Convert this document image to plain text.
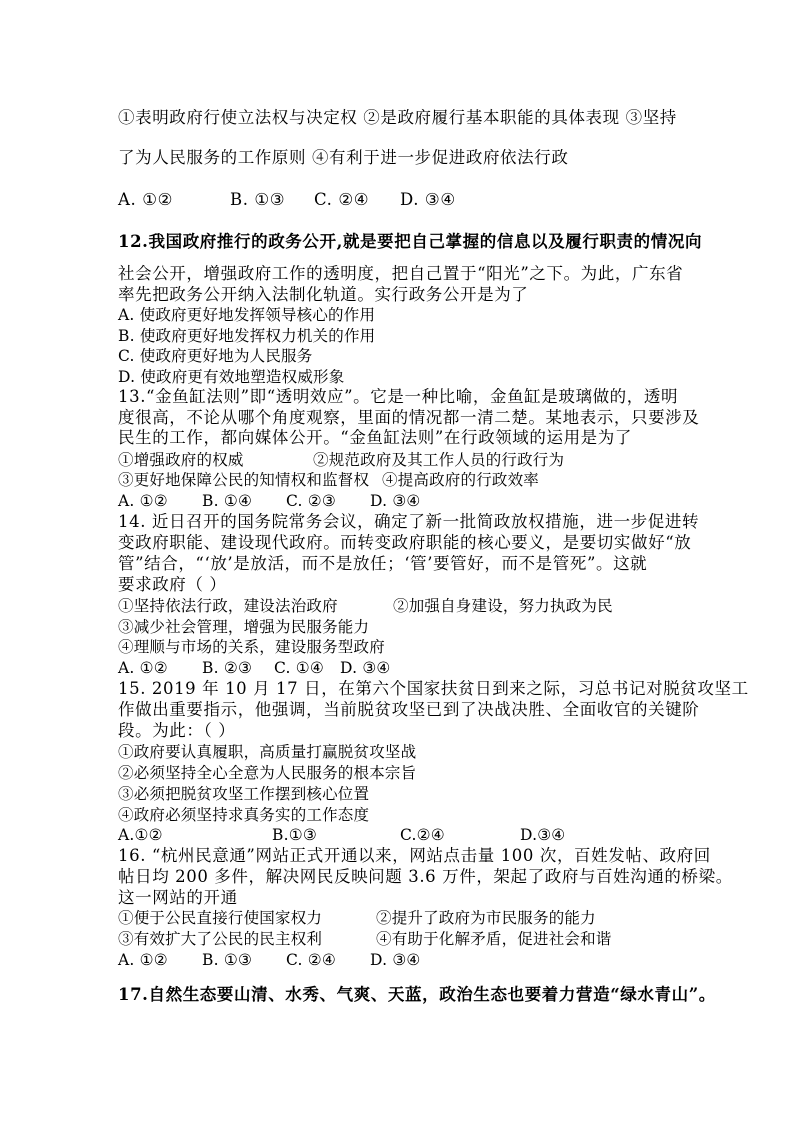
①表明政府行使立法权与决定权 ②是政府履行基本职能的具体表现 ③坚持
了为人民服务的工作原则 ④有利于进一步促进政府依法行政
A. ①②	B. ①③ C. ②④ D. ③④
12.我国政府推行的政务公开,就是要把自己掌握的信息以及履行职责的情况向
社会公开，增强政府工作的透明度，把自己置于“阳光”之下。为此，广东省
率先把政务公开纳入法制化轨道。实行政务公开是为了
A. 使政府更好地发挥领导核心的作用
B. 使政府更好地发挥权力机关的作用
C. 使政府更好地为人民服务
D. 使政府更有效地塑造权威形象
13.“金鱼缸法则”即“透明效应”。它是一种比喻，金鱼缸是玻璃做的，透明
度很高，不论从哪个角度观察，里面的情况都一清二楚。某地表示，只要涉及
民生的工作，都向媒体公开。“金鱼缸法则”在行政领域的运用是为了
①增强政府的权威	②规范政府及其工作人员的行政行为
③更好地保障公民的知情权和监督权 ④提高政府的行政效率
A. ①② B. ①④ C. ②③ D. ③④
14. 近日召开的国务院常务会议，确定了新一批简政放权措施，进一步促进转
变政府职能、建设现代政府。而转变政府职能的核心要义，是要切实做好“放
管”结合，“‘放’是放活，而不是放任；‘管’要管好，而不是管死”。这就
要求政府（ ）
①坚持依法行政，建设法治政府	②加强自身建设，努力执政为民
③减少社会管理，增强为民服务能力
④理顺与市场的关系，建设服务型政府
A. ①② B. ②③ C. ①④ D. ③④
15. 2019 年 10 月 17 日，在第六个国家扶贫日到来之际，习总书记对脱贫攻坚工
作做出重要指示，他强调，当前脱贫攻坚已到了决战决胜、全面收官的关键阶
段。为此：（ ）
①政府要认真履职，高质量打赢脱贫攻坚战
②必须坚持全心全意为人民服务的根本宗旨
③必须把脱贫攻坚工作摆到核心位置
④政府必须坚持求真务实的工作态度
A.①②	B.①③	C.②④	D.③④
16. “杭州民意通”网站正式开通以来，网站点击量 100 次，百姓发帖、政府回
帖日均 200 多件，解决网民反映问题 3.6 万件，架起了政府与百姓沟通的桥梁。
这一网站的开通
①便于公民直接行使国家权力	②提升了政府为市民服务的能力
③有效扩大了公民的民主权利	④有助于化解矛盾，促进社会和谐
A. ①② B. ①③ C. ②④ D. ③④
17.自然生态要山清、水秀、气爽、天蓝，政治生态也要着力营造“绿水青山”。
